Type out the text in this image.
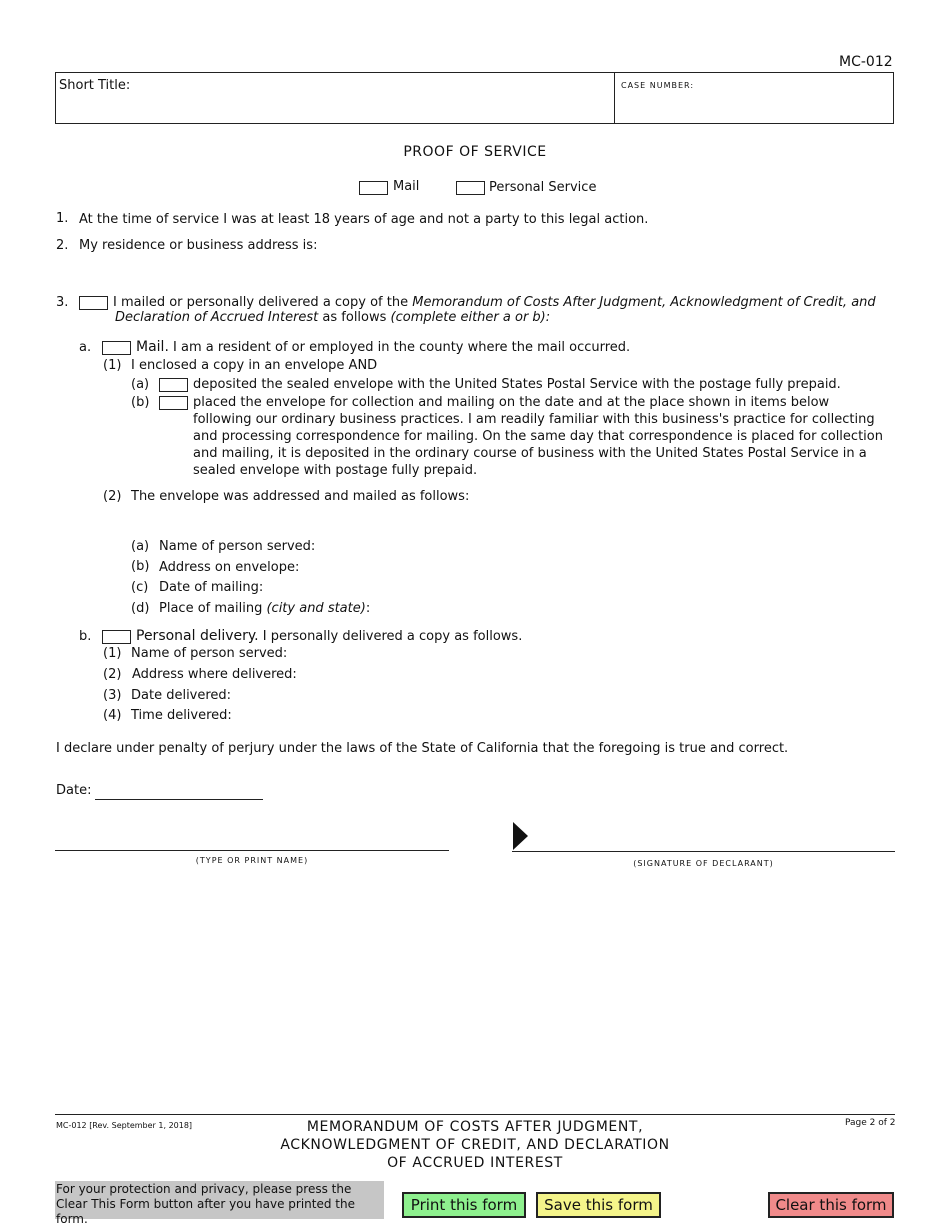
MC-012
Short Title:	CASE NUMBER:
PROOF OF SERVICE
Mail	Personal Service
1. At the time of service I was at least 18 years of age and not a party to this legal action.
2. My residence or business address is:
3.	I mailed or personally delivered a copy of the Memorandum of Costs After Judgment, Acknowledgment of Credit, and
Declaration of Accrued Interest as follows (complete either a or b):
a.	Mail. I am a resident of or employed in the county where the mail occurred.
(1) I enclosed a copy in an envelope AND
(a)	deposited the sealed envelope with the United States Postal Service with the postage fully prepaid.
(b)	placed the envelope for collection and mailing on the date and at the place shown in items below following our ordinary business practices. I am readily familiar with this business's practice for collecting and processing correspondence for mailing. On the same day that correspondence is placed for collection and mailing, it is deposited in the ordinary course of business with the United States Postal Service in a sealed envelope with postage fully prepaid.
(2) The envelope was addressed and mailed as follows:
(a) Name of person served:
(b) Address on envelope:
(c) Date of mailing:
(d) Place of mailing (city and state):
b.	Personal delivery. I personally delivered a copy as follows.
(1) Name of person served:
(2) Address where delivered:
(3) Date delivered:
(4) Time delivered:
I declare under penalty of perjury under the laws of the State of California that the foregoing is true and correct.
Date:
(TYPE OR PRINT NAME)	(SIGNATURE OF DECLARANT)
MC-012 [Rev. September 1, 2018]	MEMORANDUM OF COSTS AFTER JUDGMENT,
ACKNOWLEDGMENT OF CREDIT, AND DECLARATION
OF ACCRUED INTEREST
Page 2 of 2
For your protection and privacy, please press the Clear This Form button after you have printed the form.
Print this form	Save this form	Clear this form
